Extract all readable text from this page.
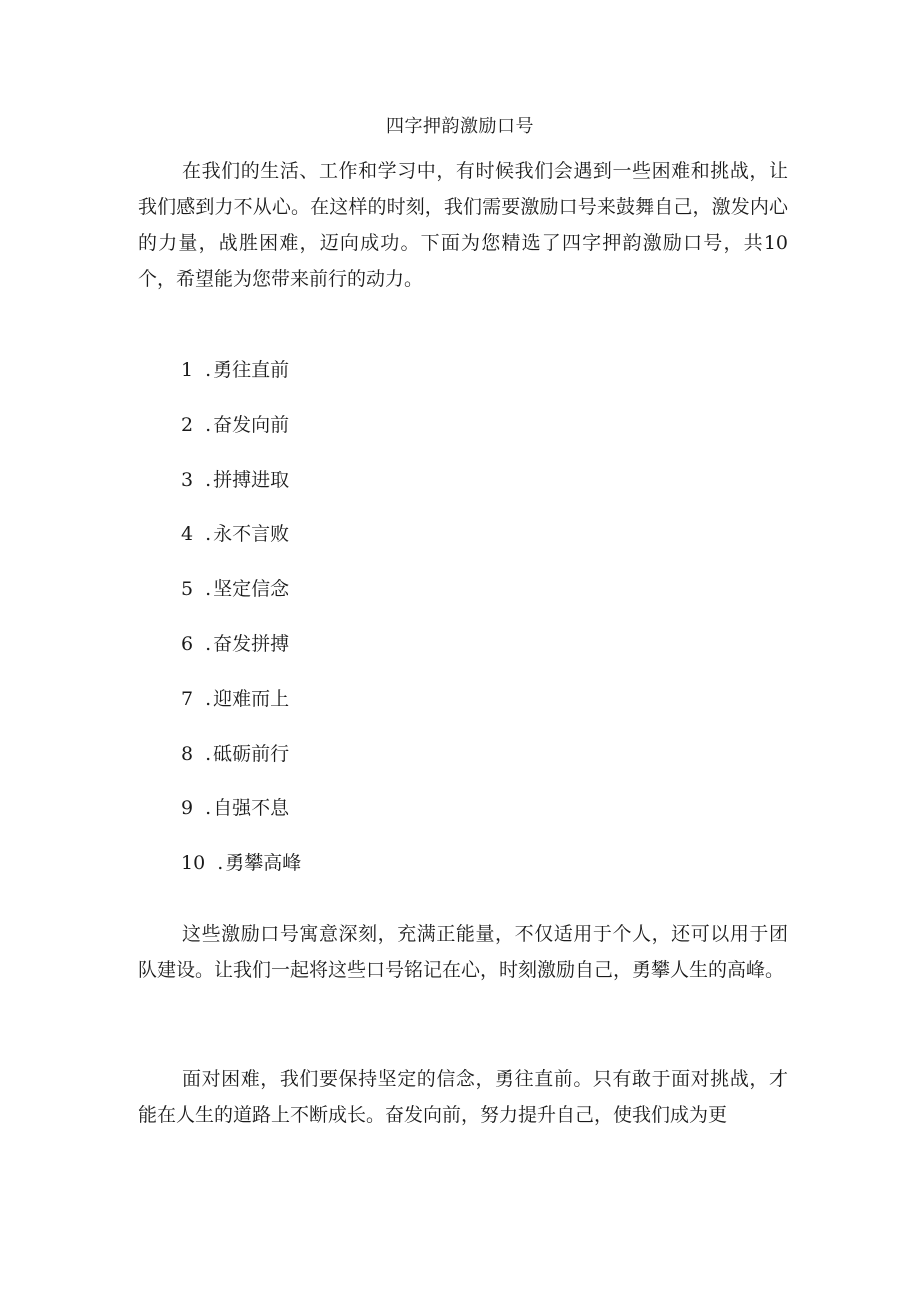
四字押韵激励口号

在我们的生活、工作和学习中，有时候我们会遇到一些困难和挑战，让我们感到力不从心。在这样的时刻，我们需要激励口号来鼓舞自己，激发内心的力量，战胜困难，迈向成功。下面为您精选了四字押韵激励口号，共10个，希望能为您带来前行的动力。

1 . 勇往直前
2 . 奋发向前
3 . 拼搏进取
4 . 永不言败
5 . 坚定信念
6 . 奋发拼搏
7 . 迎难而上
8 . 砥砺前行
9 . 自强不息
10 . 勇攀高峰

这些激励口号寓意深刻，充满正能量，不仅适用于个人，还可以用于团队建设。让我们一起将这些口号铭记在心，时刻激励自己，勇攀人生的高峰。

面对困难，我们要保持坚定的信念，勇往直前。只有敢于面对挑战，才能在人生的道路上不断成长。奋发向前，努力提升自己，使我们成为更
